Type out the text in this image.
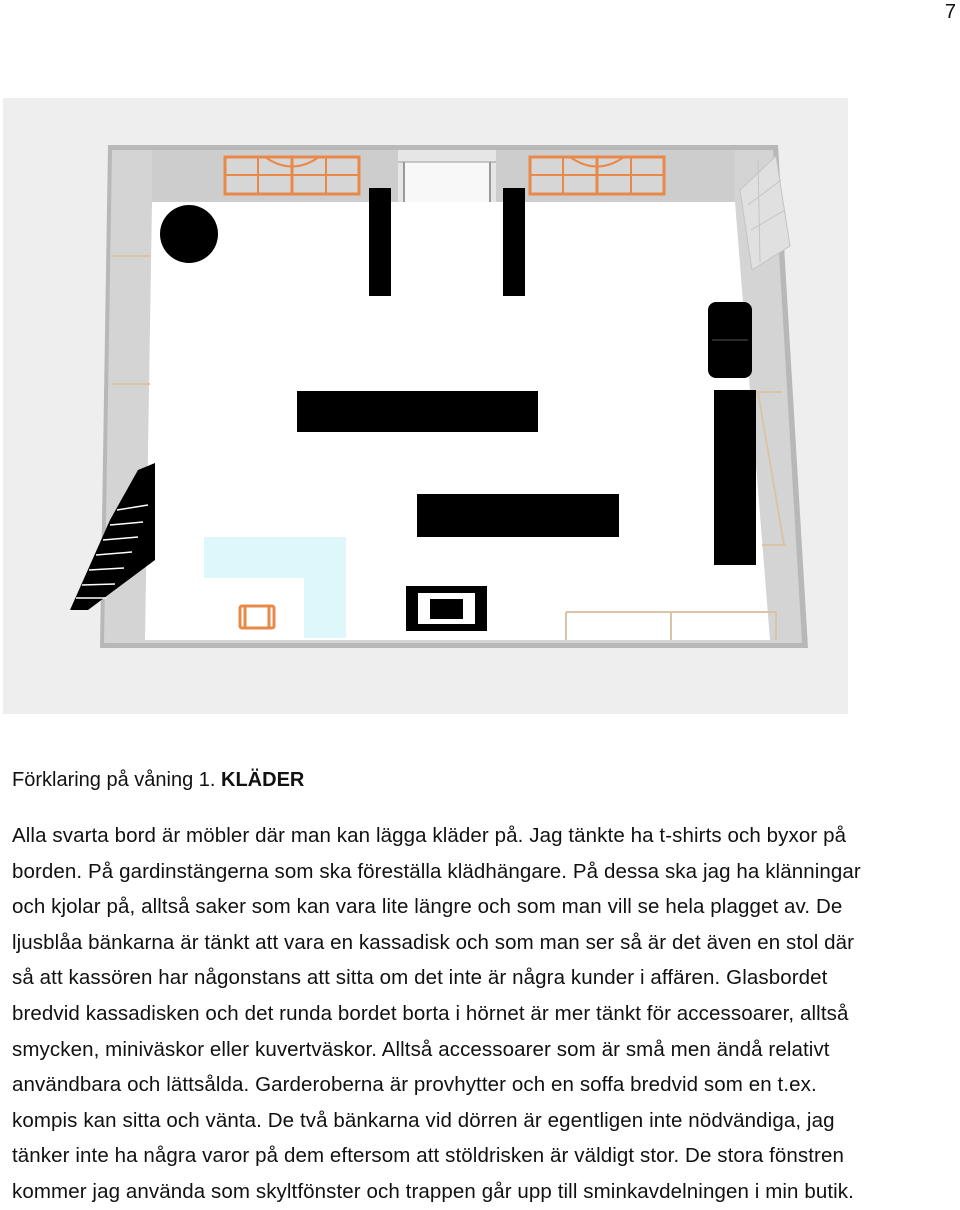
7
Förklaring på våning 1. KLÄDER
Alla svarta bord är möbler där man kan lägga kläder på. Jag tänkte ha t-shirts och byxor på
borden. På gardinstängerna som ska föreställa klädhängare. På dessa ska jag ha klänningar
och kjolar på, alltså saker som kan vara lite längre och som man vill se hela plagget av. De
ljusblåa bänkarna är tänkt att vara en kassadisk och som man ser så är det även en stol där
så att kassören har någonstans att sitta om det inte är några kunder i affären. Glasbordet
bredvid kassadisken och det runda bordet borta i hörnet är mer tänkt för accessoarer, alltså
smycken, miniväskor eller kuvertväskor. Alltså accessoarer som är små men ändå relativt
användbara och lättsålda. Garderoberna är provhytter och en soffa bredvid som en t.ex.
kompis kan sitta och vänta. De två bänkarna vid dörren är egentligen inte nödvändiga, jag
tänker inte ha några varor på dem eftersom att stöldrisken är väldigt stor. De stora fönstren
kommer jag använda som skyltfönster och trappen går upp till sminkavdelningen i min butik.
